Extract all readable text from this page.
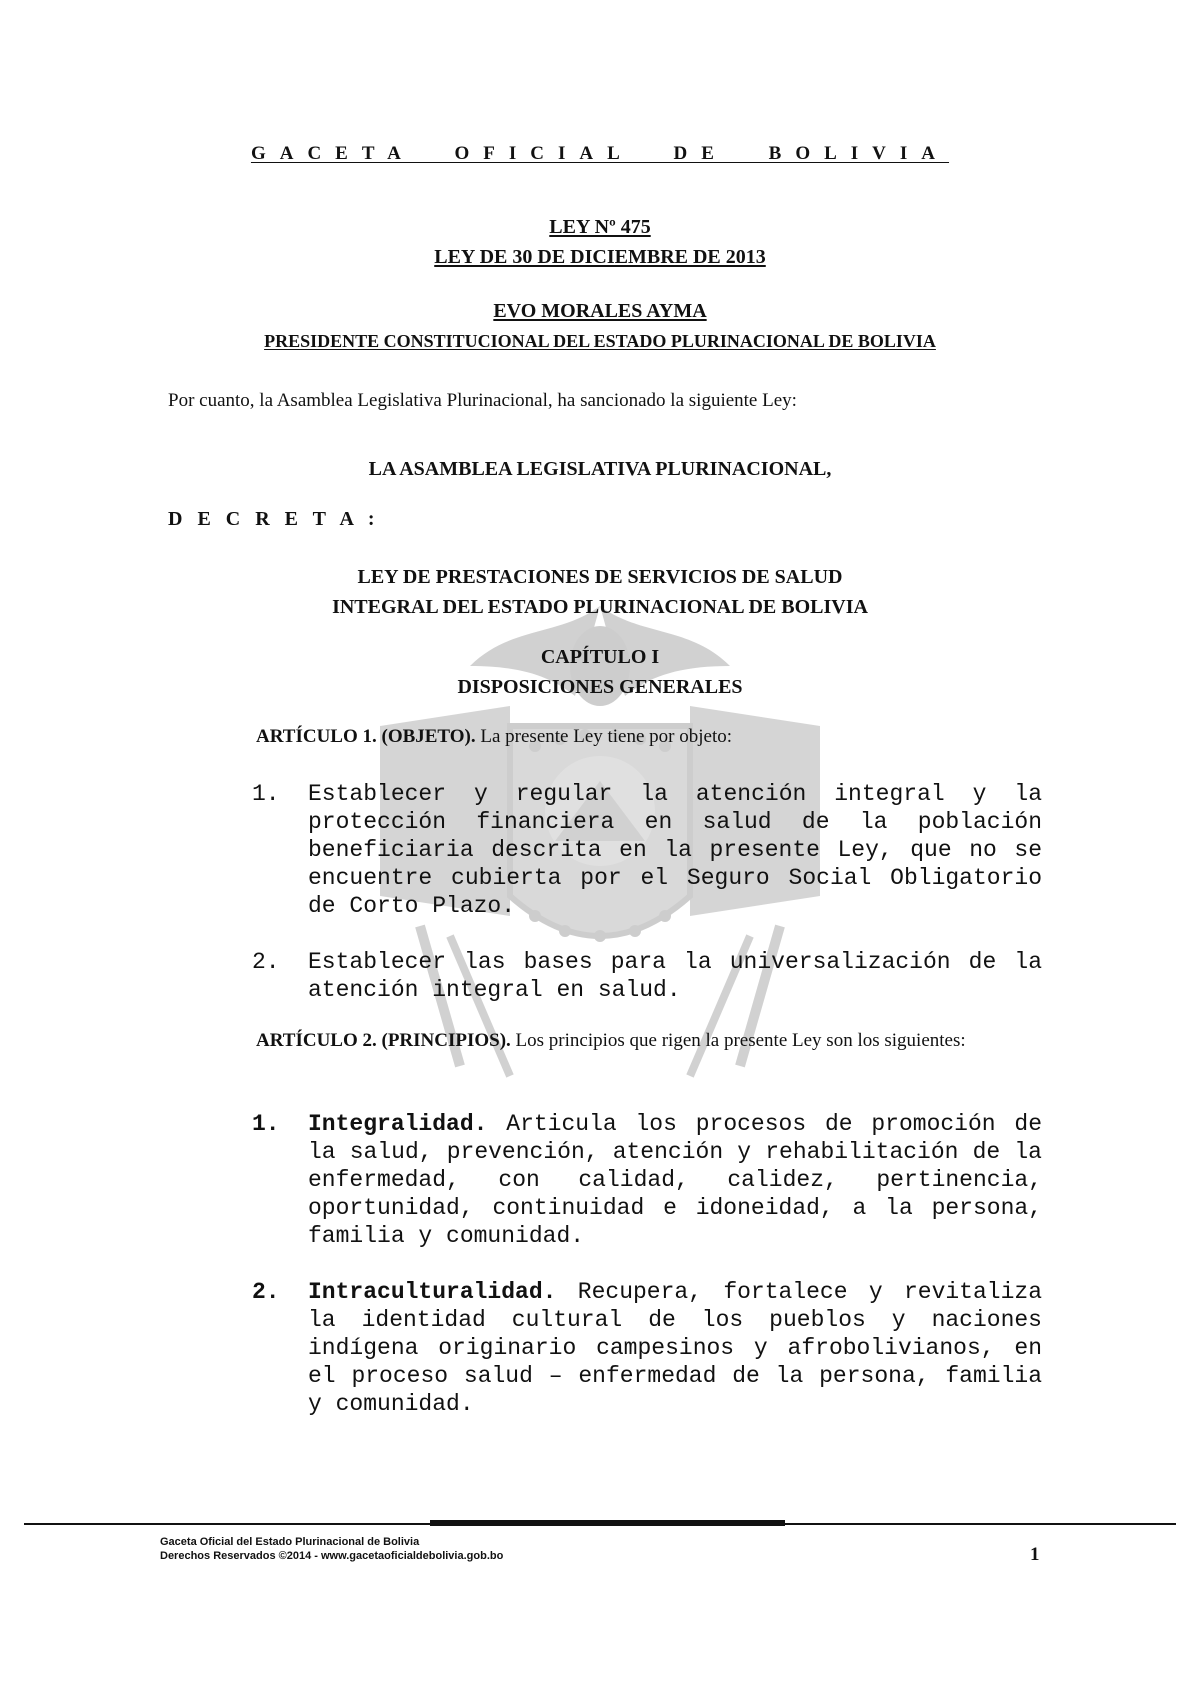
GACETA OFICIAL DE BOLIVIA
LEY Nº 475
LEY DE 30 DE DICIEMBRE DE 2013
EVO MORALES AYMA
PRESIDENTE CONSTITUCIONAL DEL ESTADO PLURINACIONAL DE BOLIVIA
Por cuanto, la Asamblea Legislativa Plurinacional, ha sancionado la siguiente Ley:
LA ASAMBLEA LEGISLATIVA PLURINACIONAL,
D E C R E T A :
LEY DE PRESTACIONES DE SERVICIOS DE SALUD
INTEGRAL DEL ESTADO PLURINACIONAL DE BOLIVIA
CAPÍTULO I
DISPOSICIONES GENERALES
ARTÍCULO 1. (OBJETO). La presente Ley tiene por objeto:
1. Establecer y regular la atención integral y la protección financiera en salud de la población beneficiaria descrita en la presente Ley, que no se encuentre cubierta por el Seguro Social Obligatorio de Corto Plazo.
2. Establecer las bases para la universalización de la atención integral en salud.
ARTÍCULO 2. (PRINCIPIOS). Los principios que rigen la presente Ley son los siguientes:
1. Integralidad. Articula los procesos de promoción de la salud, prevención, atención y rehabilitación de la enfermedad, con calidad, calidez, pertinencia, oportunidad, continuidad e idoneidad, a la persona, familia y comunidad.
2. Intraculturalidad. Recupera, fortalece y revitaliza la identidad cultural de los pueblos y naciones indígena originario campesinos y afrobolivianos, en el proceso salud – enfermedad de la persona, familia y comunidad.
Gaceta Oficial del Estado Plurinacional de Bolivia
Derechos Reservados ©2014 - www.gacetaoficialdebolivia.gob.bo	1
